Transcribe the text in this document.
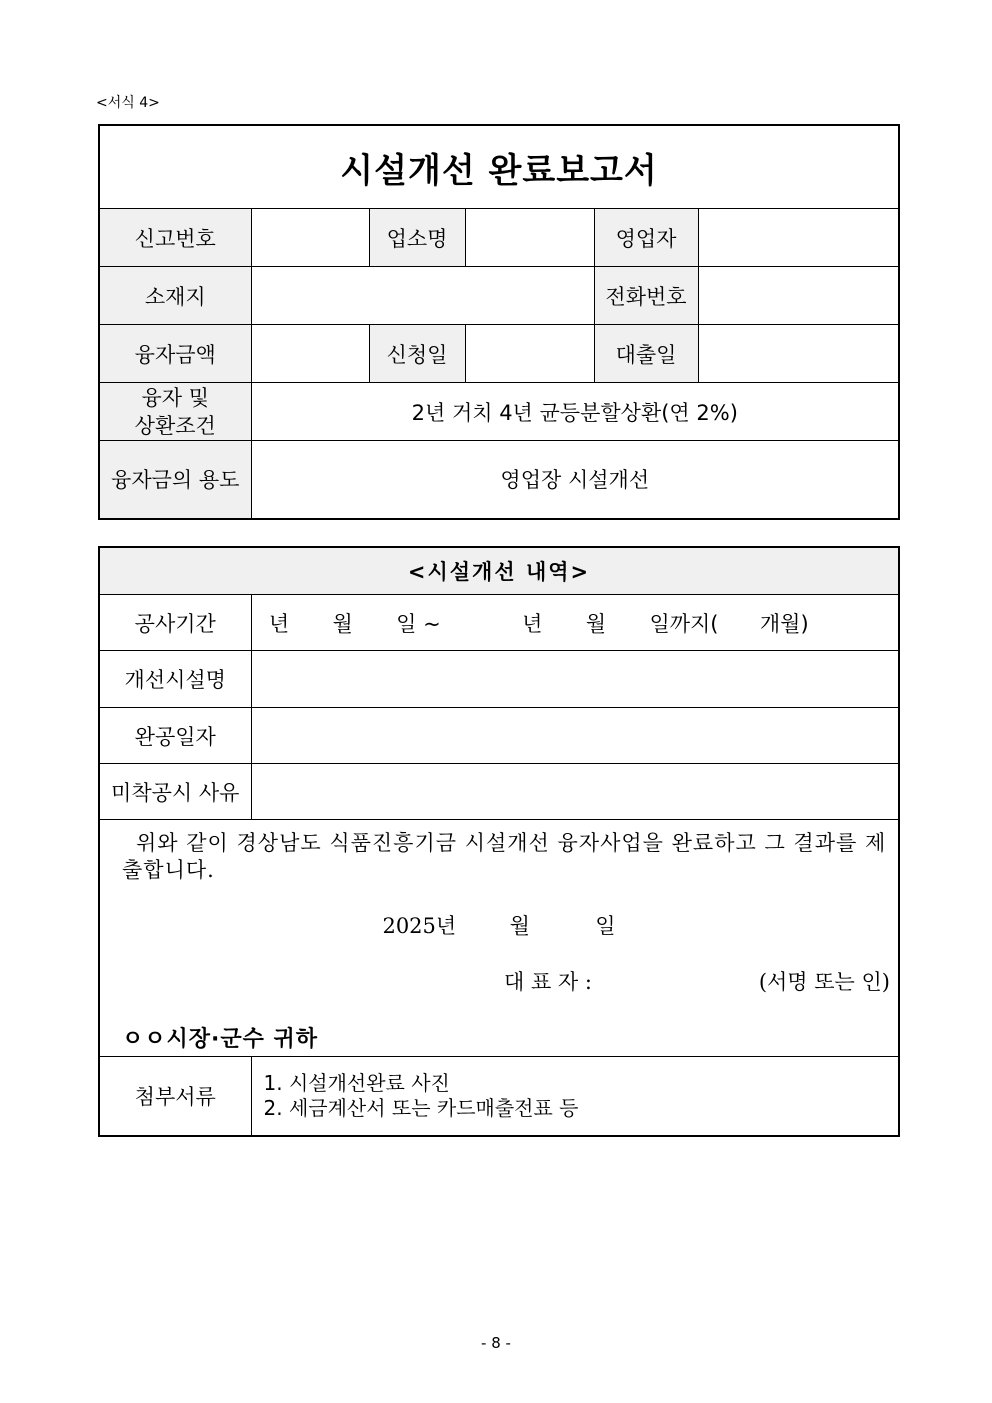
<서식 4>
시설개선 완료보고서					
신고번호		업소명		영업자	
소재지				전화번호	
융자금액		신청일		대출일	

융자 및
상환조건	2년 거치 4년 균등분할상환(연 2%)				
융자금의 용도	영업장 시설개선				
<시설개선 내역>	
공사기간	년 월 일 ~ 년 월 일까지( 개월)
개선시설명	
완공일자	
미착공시 사유	

위와 같이 경상남도 식품진흥기금 시설개선 융자사업을 완료하고 그 결과를 제출합니다.
2025년 월 일
대 표 자 : (서명 또는 인)
ㅇㅇ시장·군수 귀하	

첨부서류	1. 시설개선완료 사진
2. 세금계산서 또는 카드매출전표 등
- 8 -
